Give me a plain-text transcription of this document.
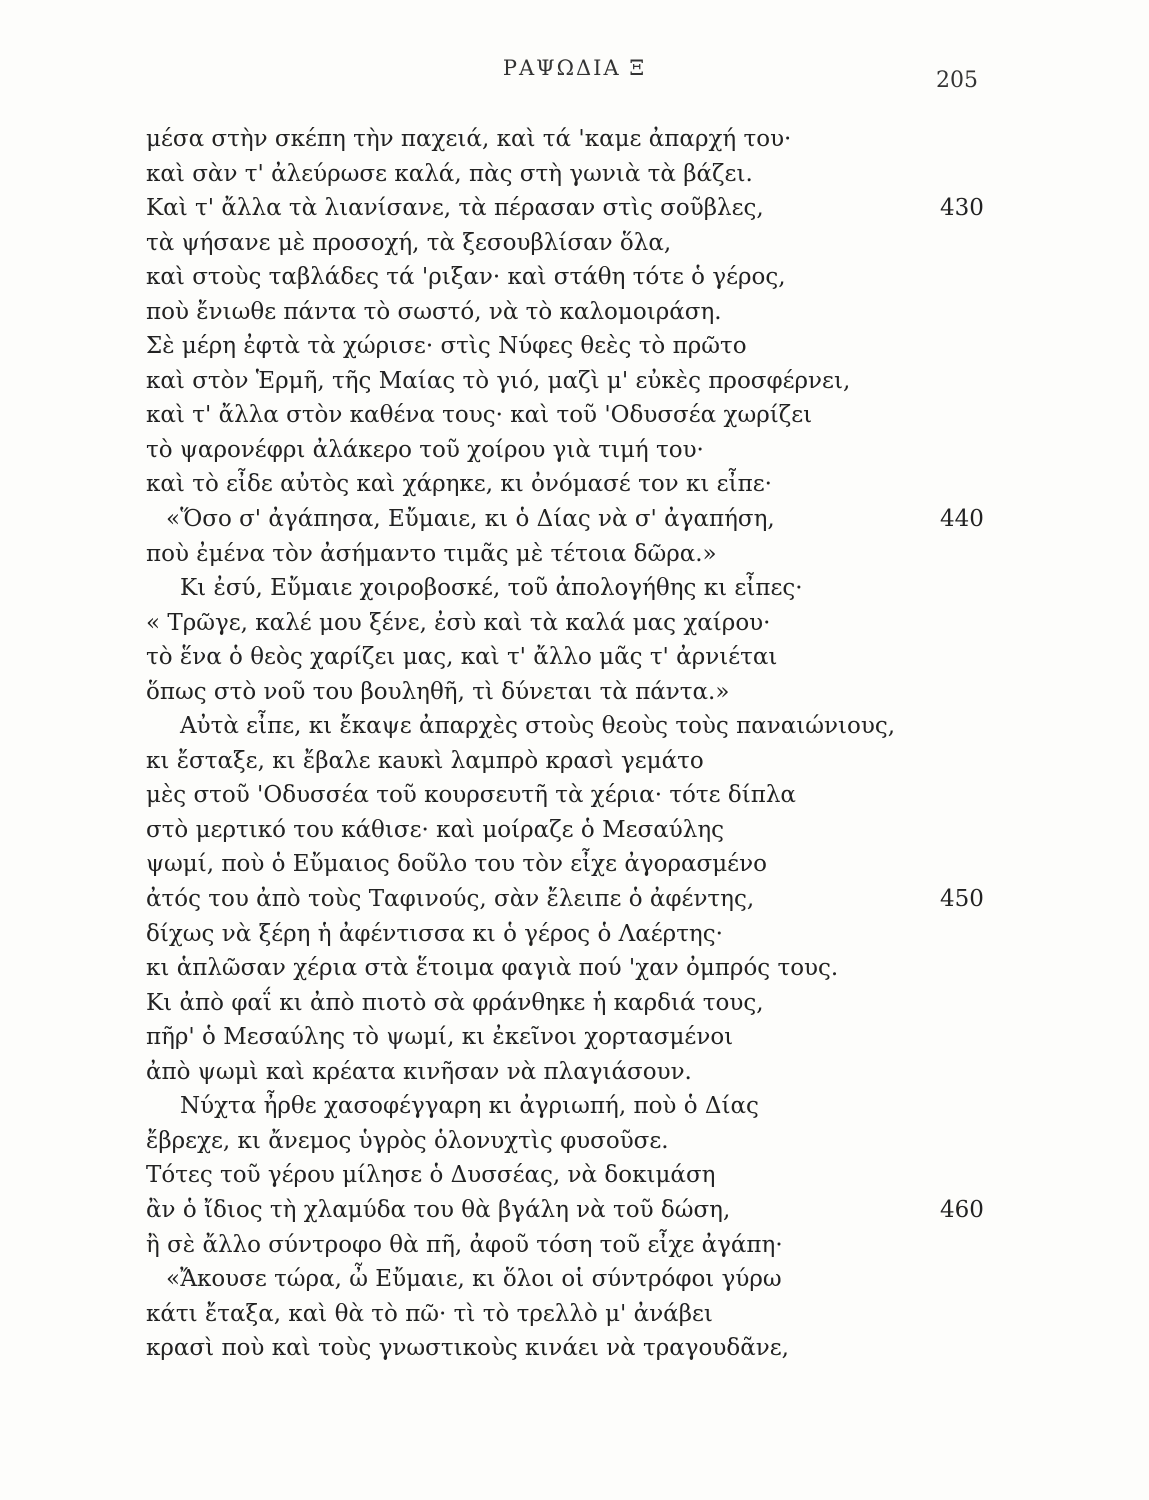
ΡΑΨΩΔΙΑ Ξ	205
μέσα στὴν σκέπη τὴν παχειά, καὶ τά 'καμε ἀπαρχή του·
καὶ σὰν τ' ἀλεύρωσε καλά, πὰς στὴ γωνιὰ τὰ βάζει.
Καὶ τ' ἄλλα τὰ λιανίσανε, τὰ πέρασαν στὶς σοῦβλες,	430
τὰ ψήσανε μὲ προσοχή, τὰ ξεσουβλίσαν ὅλα,
καὶ στοὺς ταβλάδες τά 'ριξαν· καὶ στάθη τότε ὁ γέρος,
ποὺ ἔνιωθε πάντα τὸ σωστό, νὰ τὸ καλομοιράση.
Σὲ μέρη ἐφτὰ τὰ χώρισε· στὶς Νύφες θεὲς τὸ πρῶτο
καὶ στὸν Ἑρμῆ, τῆς Μαίας τὸ γιό, μαζὶ μ' εὐκὲς προσφέρνει,
καὶ τ' ἄλλα στὸν καθένα τους· καὶ τοῦ 'Οδυσσέα χωρίζει
τὸ ψαρονέφρι ἀλάκερο τοῦ χοίρου γιὰ τιμή του·
καὶ τὸ εἶδε αὐτὸς καὶ χάρηκε, κι ὀνόμασέ τον κι εἶπε·
«Ὅσο σ' ἀγάπησα, Εὔμαιε, κι ὁ Δίας νὰ σ' ἀγαπήση,	440
ποὺ ἐμένα τὸν ἀσήμαντο τιμᾶς μὲ τέτοια δῶρα.»
Κι ἐσύ, Εὔμαιε χοιροβοσκέ, τοῦ ἀπολογήθης κι εἶπες·
« Τρῶγε, καλέ μου ξένε, ἐσὺ καὶ τὰ καλά μας χαίρου·
τὸ ἕνα ὁ θεὸς χαρίζει μας, καὶ τ' ἄλλο μᾶς τ' ἀρνιέται
ὅπως στὸ νοῦ του βουληθῆ, τὶ δύνεται τὰ πάντα.»
Αὐτὰ εἶπε, κι ἔκαψε ἀπαρχὲς στοὺς θεοὺς τοὺς παναιώνιους,
κι ἔσταξε, κι ἔβαλε κаυκὶ λαμπρὸ κρασὶ γεμάτο
μὲς στοῦ 'Οδυσσέα τοῦ κουρσευτῆ τὰ χέρια· τότε δίπλα
στὸ μερτικό του κάθισε· καὶ μοίραζε ὁ Μεσαύλης
ψωμί, ποὺ ὁ Εὔμαιος δοῦλο του τὸν εἶχε ἀγορασμένο
ἀτός του ἀπὸ τοὺς Ταφινούς, σὰν ἔλειπε ὁ ἀφέντης,	450
δίχως νὰ ξέρη ἡ ἀφέντισσα κι ὁ γέρος ὁ Λαέρτης·
κι ἁπλῶσαν χέρια στὰ ἕτοιμα φαγιὰ πού 'χαν ὀμπρός τους.
Κι ἀπὸ φαΐ κι ἀπὸ πιοτὸ σὰ φράνθηκε ἡ καρδιά τους,
πῆρ' ὁ Μεσαύλης τὸ ψωμί, κι ἐκεῖνοι χορτασμένοι
ἀπὸ ψωμὶ καὶ κρέατα κινῆσαν νὰ πλαγιάσουν.
Νύχτα ἦρθε χασοφέγγαρη κι ἀγριωπή, ποὺ ὁ Δίας
ἔβρεχε, κι ἄνεμος ὑγρὸς ὁλονυχτὶς φυσοῦσε.
Τότες τοῦ γέρου μίλησε ὁ Δυσσέας, νὰ δοκιμάση
ἂν ὁ ἴδιος τὴ χλαμύδα του θὰ βγάλη νὰ τοῦ δώση,	460
ἢ σὲ ἄλλο σύντροφο θὰ πῆ, ἀφοῦ τόση τοῦ εἶχε ἀγάπη·
«Ἄκουσε τώρα, ὦ Εὔμαιε, κι ὅλοι οἱ σύντρόφοι γύρω
κάτι ἔταξα, καὶ θὰ τὸ πῶ· τὶ τὸ τρελλὸ μ' ἀνάβει
κρασὶ ποὺ καὶ τοὺς γνωστικοὺς κινάει νὰ τραγουδᾶνε,
